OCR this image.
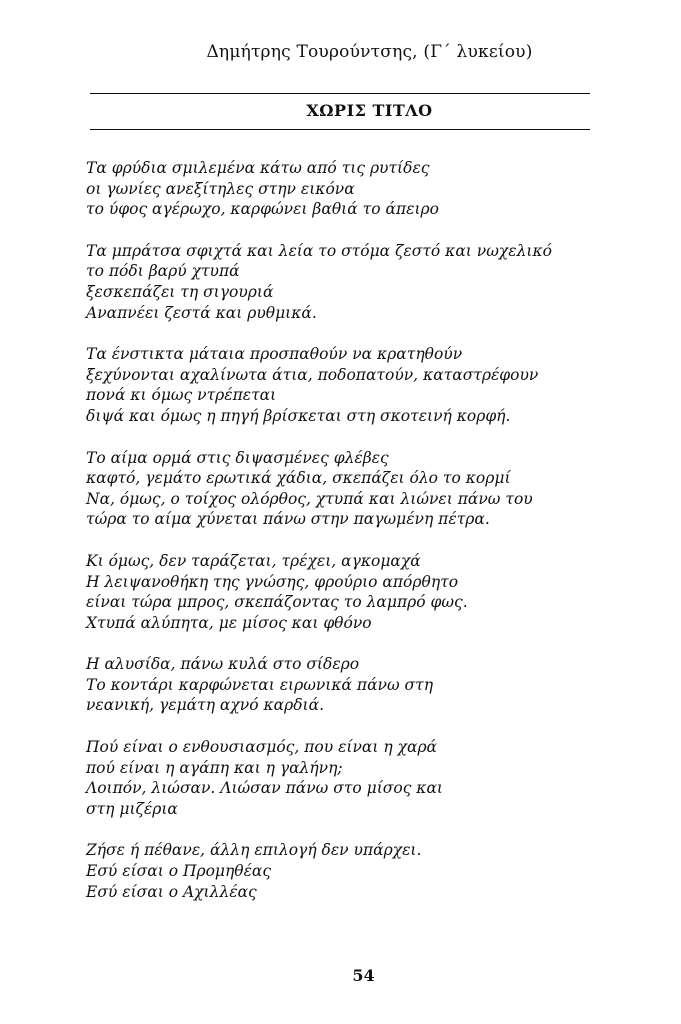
Δημήτρης Τουρούντσης, (Γ΄ λυκείου)
ΧΩΡΙΣ ΤΙΤΛΟ
Τα φρύδια σμιλεμένα κάτω από τις ρυτίδες
οι γωνίες ανεξίτηλες στην εικόνα
το ύφος αγέρωχο, καρφώνει βαθιά το άπειρο
Τα μπράτσα σφιχτά και λεία το στόμα ζεστό και νωχελικό
το πόδι βαρύ χτυπά
ξεσκεπάζει τη σιγουριά
Αναπνέει ζεστά και ρυθμικά.
Τα ένστικτα μάταια προσπαθούν να κρατηθούν
ξεχύνονται αχαλίνωτα άτια, ποδοπατούν, καταστρέφουν
πονά κι όμως ντρέπεται
διψά και όμως η πηγή βρίσκεται στη σκοτεινή κορφή.
Το αίμα ορμά στις διψασμένες φλέβες
καφτό, γεμάτο ερωτικά χάδια, σκεπάζει όλο το κορμί
Να, όμως, ο τοίχος ολόρθος, χτυπά και λιώνει πάνω του
τώρα το αίμα χύνεται πάνω στην παγωμένη πέτρα.
Κι όμως, δεν ταράζεται, τρέχει, αγκομαχά
Η λειψανοθήκη της γνώσης, φρούριο απόρθητο
είναι τώρα μπρος, σκεπάζοντας το λαμπρό φως.
Χτυπά αλύπητα, με μίσος και φθόνο
Η αλυσίδα, πάνω κυλά στο σίδερο
Το κοντάρι καρφώνεται ειρωνικά πάνω στη
νεανική, γεμάτη αχνό καρδιά.
Πού είναι ο ενθουσιασμός, που είναι η χαρά
πού είναι η αγάπη και η γαλήνη;
Λοιπόν, λιώσαν. Λιώσαν πάνω στο μίσος και
στη μιζέρια
Ζήσε ή πέθανε, άλλη επιλογή δεν υπάρχει.
Εσύ είσαι ο Προμηθέας
Εσύ είσαι ο Αχιλλέας
54
